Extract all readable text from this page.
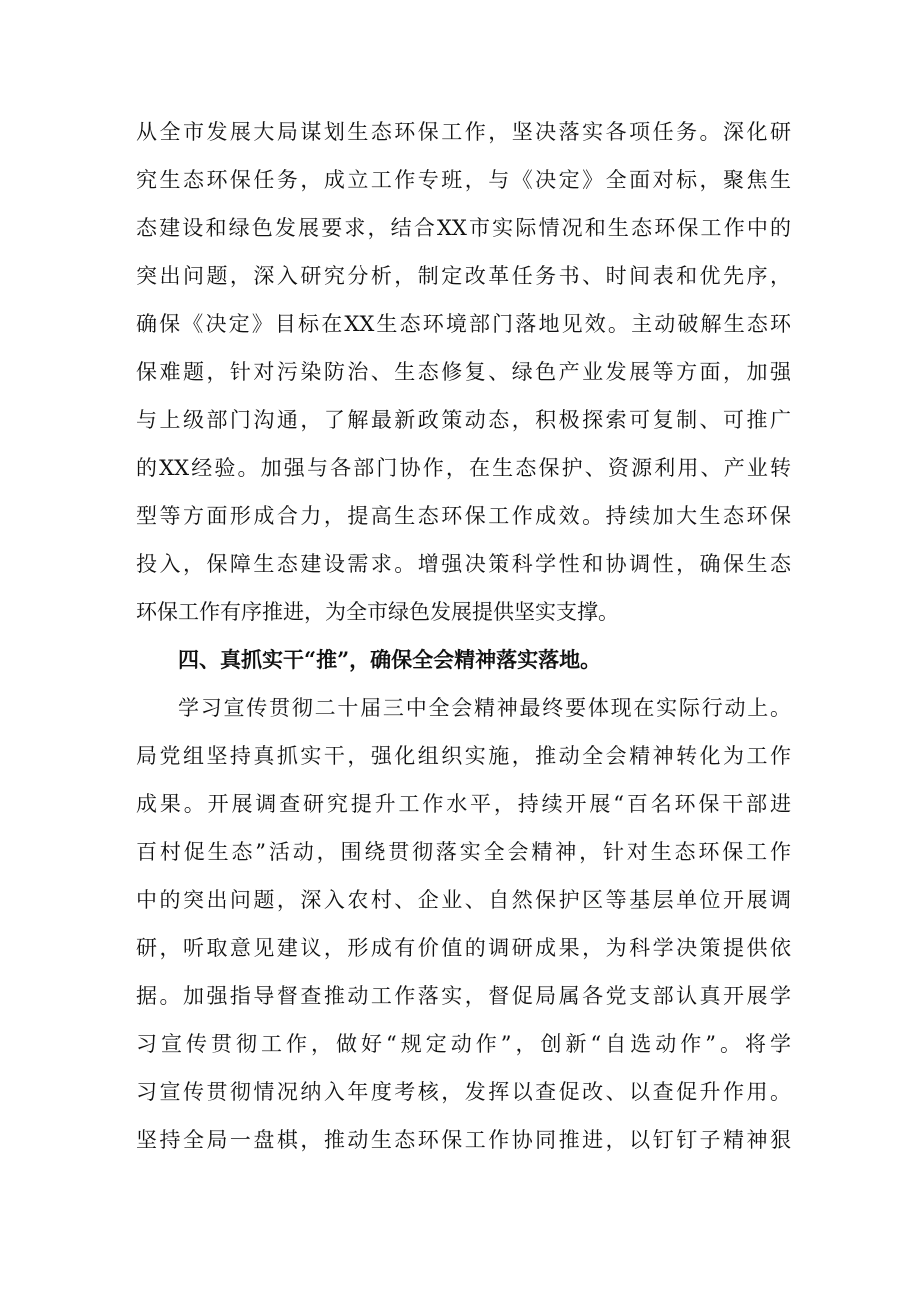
从全市发展大局谋划生态环保工作，坚决落实各项任务。深化研
究生态环保任务，成立工作专班，与《决定》全面对标，聚焦生
态建设和绿色发展要求，结合XX市实际情况和生态环保工作中的
突出问题，深入研究分析，制定改革任务书、时间表和优先序，
确保《决定》目标在XX生态环境部门落地见效。主动破解生态环
保难题，针对污染防治、生态修复、绿色产业发展等方面，加强
与上级部门沟通，了解最新政策动态，积极探索可复制、可推广
的XX经验。加强与各部门协作，在生态保护、资源利用、产业转
型等方面形成合力，提高生态环保工作成效。持续加大生态环保
投入，保障生态建设需求。增强决策科学性和协调性，确保生态
环保工作有序推进，为全市绿色发展提供坚实支撑。
四、真抓实干“推”，确保全会精神落实落地。
学习宣传贯彻二十届三中全会精神最终要体现在实际行动上。
局党组坚持真抓实干，强化组织实施，推动全会精神转化为工作
成果。开展调查研究提升工作水平，持续开展“百名环保干部进
百村促生态”活动，围绕贯彻落实全会精神，针对生态环保工作
中的突出问题，深入农村、企业、自然保护区等基层单位开展调
研，听取意见建议，形成有价值的调研成果，为科学决策提供依
据。加强指导督查推动工作落实，督促局属各党支部认真开展学
习宣传贯彻工作，做好“规定动作”，创新“自选动作”。将学
习宣传贯彻情况纳入年度考核，发挥以查促改、以查促升作用。
坚持全局一盘棋，推动生态环保工作协同推进，以钉钉子精神狠
